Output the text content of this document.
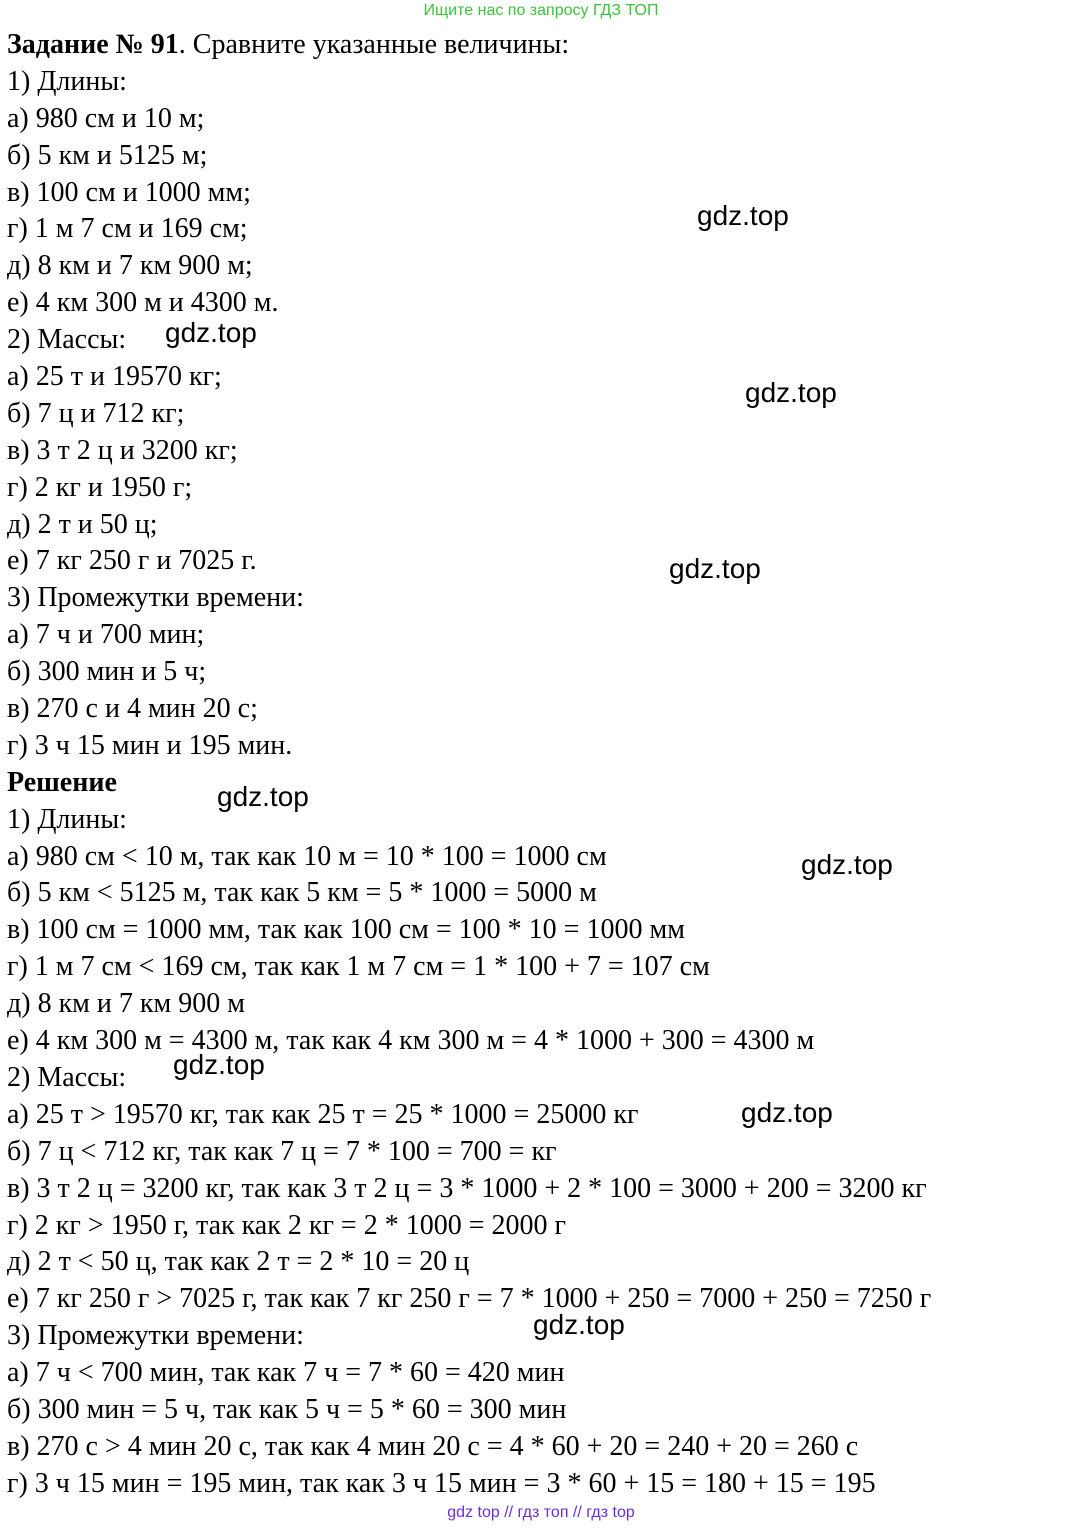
Ищите нас по запросу ГДЗ ТОП
Задание № 91. Сравните указанные величины:
1) Длины:
а) 980 см и 10 м;
б) 5 км и 5125 м;
в) 100 см и 1000 мм;
г) 1 м 7 см и 169 см;
д) 8 км и 7 км 900 м;
е) 4 км 300 м и 4300 м.
2) Массы:
а) 25 т и 19570 кг;
б) 7 ц и 712 кг;
в) 3 т 2 ц и 3200 кг;
г) 2 кг и 1950 г;
д) 2 т и 50 ц;
е) 7 кг 250 г и 7025 г.
3) Промежутки времени:
а) 7 ч и 700 мин;
б) 300 мин и 5 ч;
в) 270 с и 4 мин 20 с;
г) 3 ч 15 мин и 195 мин.
Решение
1) Длины:
а) 980 см < 10 м, так как 10 м = 10 * 100 = 1000 см
б) 5 км < 5125 м, так как 5 км = 5 * 1000 = 5000 м
в) 100 см = 1000 мм, так как 100 см = 100 * 10 = 1000 мм
г) 1 м 7 см < 169 см, так как 1 м 7 см = 1 * 100 + 7 = 107 см
д) 8 км и 7 км 900 м
е) 4 км 300 м = 4300 м, так как 4 км 300 м = 4 * 1000 + 300 = 4300 м
2) Массы:
а) 25 т > 19570 кг, так как 25 т = 25 * 1000 = 25000 кг
б) 7 ц < 712 кг, так как 7 ц = 7 * 100 = 700 = кг
в) 3 т 2 ц = 3200 кг, так как 3 т 2 ц = 3 * 1000 + 2 * 100 = 3000 + 200 = 3200 кг
г) 2 кг > 1950 г, так как 2 кг = 2 * 1000 = 2000 г
д) 2 т < 50 ц, так как 2 т = 2 * 10 = 20 ц
е) 7 кг 250 г > 7025 г, так как 7 кг 250 г = 7 * 1000 + 250 = 7000 + 250 = 7250 г
3) Промежутки времени:
а) 7 ч < 700 мин, так как 7 ч = 7 * 60 = 420 мин
б) 300 мин = 5 ч, так как 5 ч = 5 * 60 = 300 мин
в) 270 с > 4 мин 20 с, так как 4 мин 20 с = 4 * 60 + 20 = 240 + 20 = 260 с
г) 3 ч 15 мин = 195 мин, так как 3 ч 15 мин = 3 * 60 + 15 = 180 + 15 = 195
gdz.top
gdz.top
gdz.top
gdz.top
gdz.top
gdz.top
gdz.top
gdz.top
gdz.top
gdz top // гдз топ // гдз top
